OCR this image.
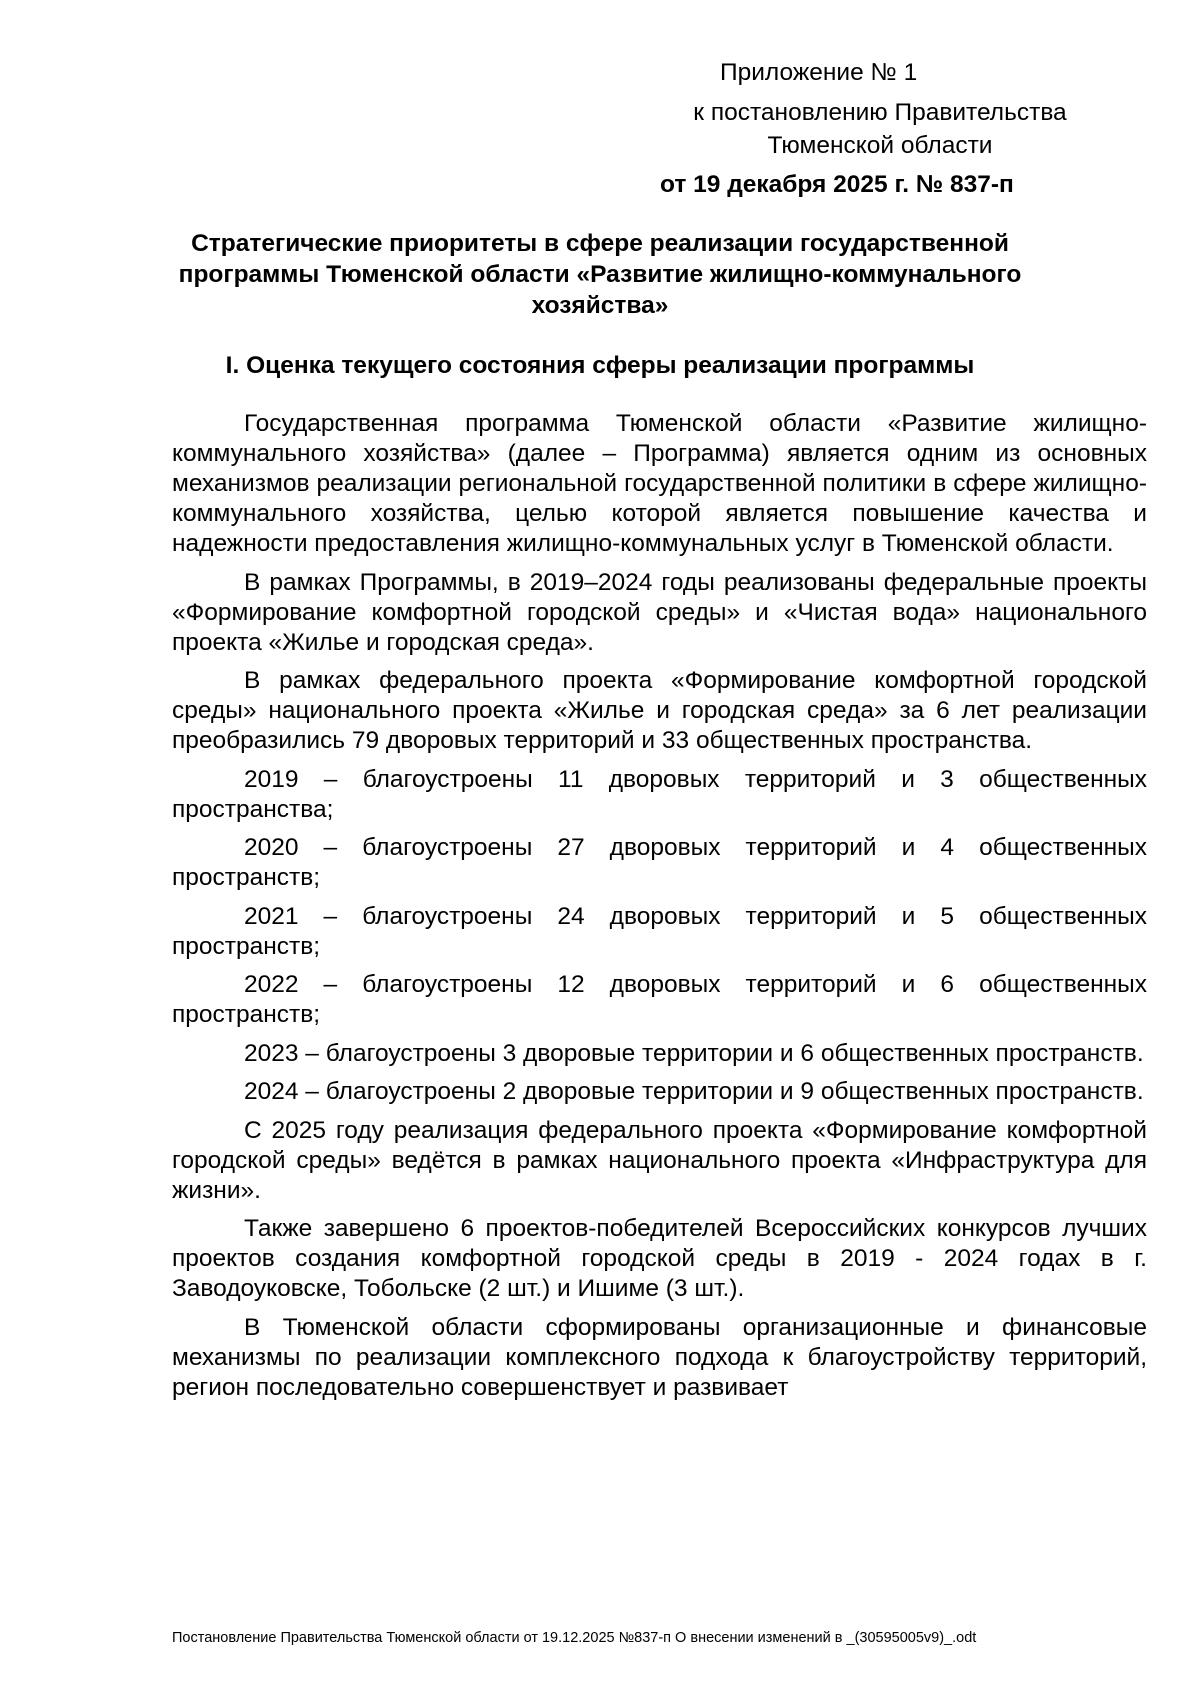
Приложение № 1
к постановлению Правительства
Тюменской области
от 19 декабря 2025 г. № 837-п
Стратегические приоритеты в сфере реализации государственной программы Тюменской области «Развитие жилищно-коммунального хозяйства»
I. Оценка текущего состояния сферы реализации программы

Государственная программа Тюменской области «Развитие жилищно-коммунального хозяйства» (далее – Программа) является одним из основных механизмов реализации региональной государственной политики в сфере жилищно-коммунального хозяйства, целью которой является повышение качества и надежности предоставления жилищно-коммунальных услуг в Тюменской области.

В рамках Программы, в 2019–2024 годы реализованы федеральные проекты «Формирование комфортной городской среды» и «Чистая вода» национального проекта «Жилье и городская среда».

В рамках федерального проекта «Формирование комфортной городской среды» национального проекта «Жилье и городская среда» за 6 лет реализации преобразились 79 дворовых территорий и 33 общественных пространства.

2019 – благоустроены 11 дворовых территорий и 3 общественных пространства;

2020 – благоустроены 27 дворовых территорий и 4 общественных пространств;

2021 – благоустроены 24 дворовых территорий и 5 общественных пространств;

2022 – благоустроены 12 дворовых территорий и 6 общественных пространств;

2023 – благоустроены 3 дворовые территории и 6 общественных пространств.

2024 – благоустроены 2 дворовые территории и 9 общественных пространств.

С 2025 году реализация федерального проекта «Формирование комфортной городской среды» ведётся в рамках национального проекта «Инфраструктура для жизни».

Также завершено 6 проектов-победителей Всероссийских конкурсов лучших проектов создания комфортной городской среды в 2019 - 2024 годах в г. Заводоуковске, Тобольске (2 шт.) и Ишиме (3 шт.).

В Тюменской области сформированы организационные и финансовые механизмы по реализации комплексного подхода к благоустройству территорий, регион последовательно совершенствует и развивает

Постановление Правительства Тюменской области от 19.12.2025 №837-п О внесении изменений в _(30595005v9)_.odt
